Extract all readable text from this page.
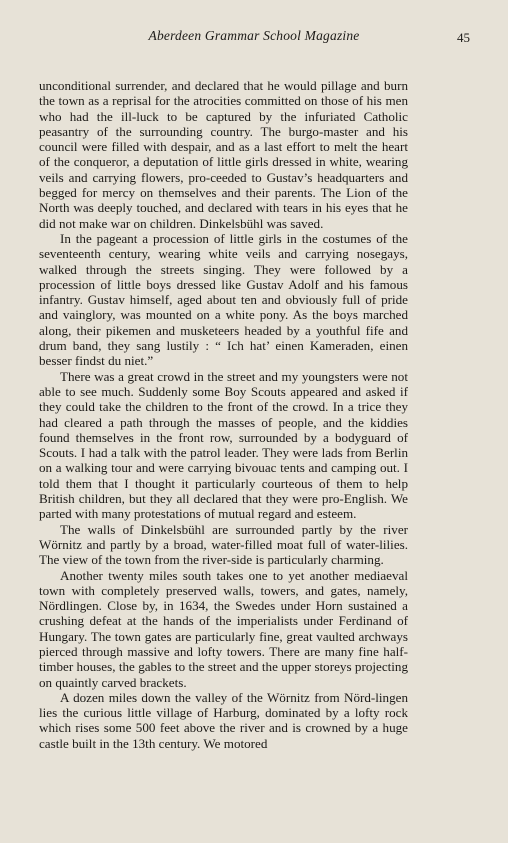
Aberdeen Grammar School Magazine	45

unconditional surrender, and declared that he would pillage and burn the town as a reprisal for the atrocities committed on those of his men who had the ill-luck to be captured by the infuriated Catholic peasantry of the surrounding country. The burgo-master and his council were filled with despair, and as a last effort to melt the heart of the conqueror, a deputation of little girls dressed in white, wearing veils and carrying flowers, pro-ceeded to Gustav’s headquarters and begged for mercy on themselves and their parents. The Lion of the North was deeply touched, and declared with tears in his eyes that he did not make war on children. Dinkelsbühl was saved.

In the pageant a procession of little girls in the costumes of the seventeenth century, wearing white veils and carrying nosegays, walked through the streets singing. They were followed by a procession of little boys dressed like Gustav Adolf and his famous infantry. Gustav himself, aged about ten and obviously full of pride and vainglory, was mounted on a white pony. As the boys marched along, their pikemen and musketeers headed by a youthful fife and drum band, they sang lustily : “ Ich hat’ einen Kameraden, einen besser findst du niet.”

There was a great crowd in the street and my youngsters were not able to see much. Suddenly some Boy Scouts appeared and asked if they could take the children to the front of the crowd. In a trice they had cleared a path through the masses of people, and the kiddies found themselves in the front row, surrounded by a bodyguard of Scouts. I had a talk with the patrol leader. They were lads from Berlin on a walking tour and were carrying bivouac tents and camping out. I told them that I thought it particularly courteous of them to help British children, but they all declared that they were pro-English. We parted with many protestations of mutual regard and esteem.

The walls of Dinkelsbühl are surrounded partly by the river Wörnitz and partly by a broad, water-filled moat full of water-lilies. The view of the town from the river-side is particularly charming.

Another twenty miles south takes one to yet another mediaeval town with completely preserved walls, towers, and gates, namely, Nördlingen. Close by, in 1634, the Swedes under Horn sustained a crushing defeat at the hands of the imperialists under Ferdinand of Hungary. The town gates are particularly fine, great vaulted archways pierced through massive and lofty towers. There are many fine half-timber houses, the gables to the street and the upper storeys projecting on quaintly carved brackets.

A dozen miles down the valley of the Wörnitz from Nörd-lingen lies the curious little village of Harburg, dominated by a lofty rock which rises some 500 feet above the river and is crowned by a huge castle built in the 13th century. We motored
